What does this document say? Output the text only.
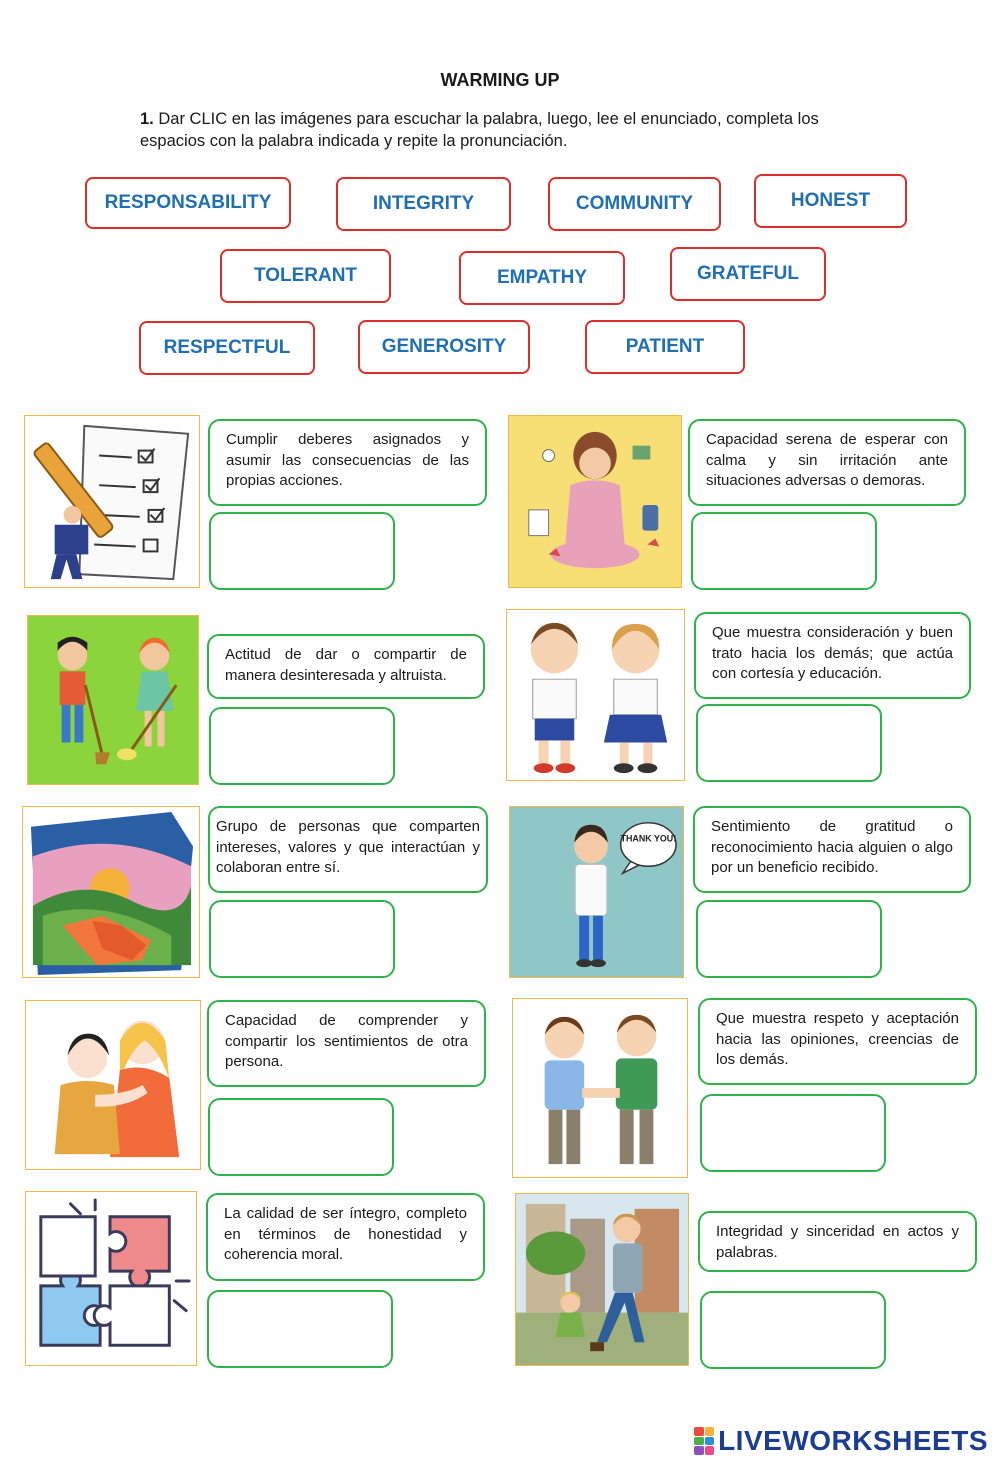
WARMING UP
1. Dar CLIC en las imágenes para escuchar la palabra, luego, lee el enunciado, completa los espacios con la palabra indicada y repite la pronunciación.
RESPONSABILITY	INTEGRITY	COMMUNITY	HONEST
TOLERANT	EMPATHY	GRATEFUL
RESPECTFUL	GENEROSITY	PATIENT
Cumplir deberes asignados y asumir las consecuencias de las propias acciones.
Capacidad serena de esperar con calma y sin irritación ante situaciones adversas o demoras.
Actitud de dar o compartir de manera desinteresada y altruista.
Que muestra consideración y buen trato hacia los demás; que actúa con cortesía y educación.
Grupo de personas que comparten intereses, valores y que interactúan y colaboran entre sí.
THANK YOU!
Sentimiento de gratitud o reconocimiento hacia alguien o algo por un beneficio recibido.
Capacidad de comprender y compartir los sentimientos de otra persona.
Que muestra respeto y aceptación hacia las opiniones, creencias de los demás.
La calidad de ser íntegro, completo en términos de honestidad y coherencia moral.
Integridad y sinceridad en actos y palabras.
LIVEWORKSHEETS
